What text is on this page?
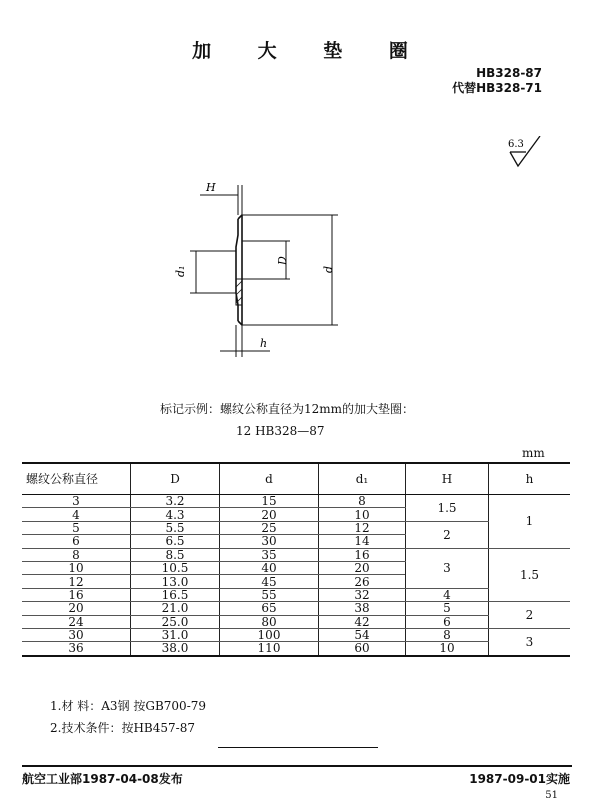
加 大 垫 圈
HB328-87
代替HB328-71
6.3
H
d₁
D
d
h
标记示例：螺纹公称直径为12mm的加大垫圈：
12 HB328—87
mm
螺纹公称直径	D	d	d₁	H	h
3	3.2	15	8	1.5	1
4	4.3	20	10		
5	5.5	25	12	2	
6	6.5	30	14		
8	8.5	35	16	3	1.5
10	10.5	40	20		
12	13.0	45	26		
16	16.5	55	32	4	
20	21.0	65	38	5	2
24	25.0	80	42	6	
30	31.0	100	54	8	3
36	38.0	110	60	10	
1.材 料：A3钢 按GB700-79
2.技术条件：按HB457-87
航空工业部1987-04-08发布	1987-09-01实施
51
